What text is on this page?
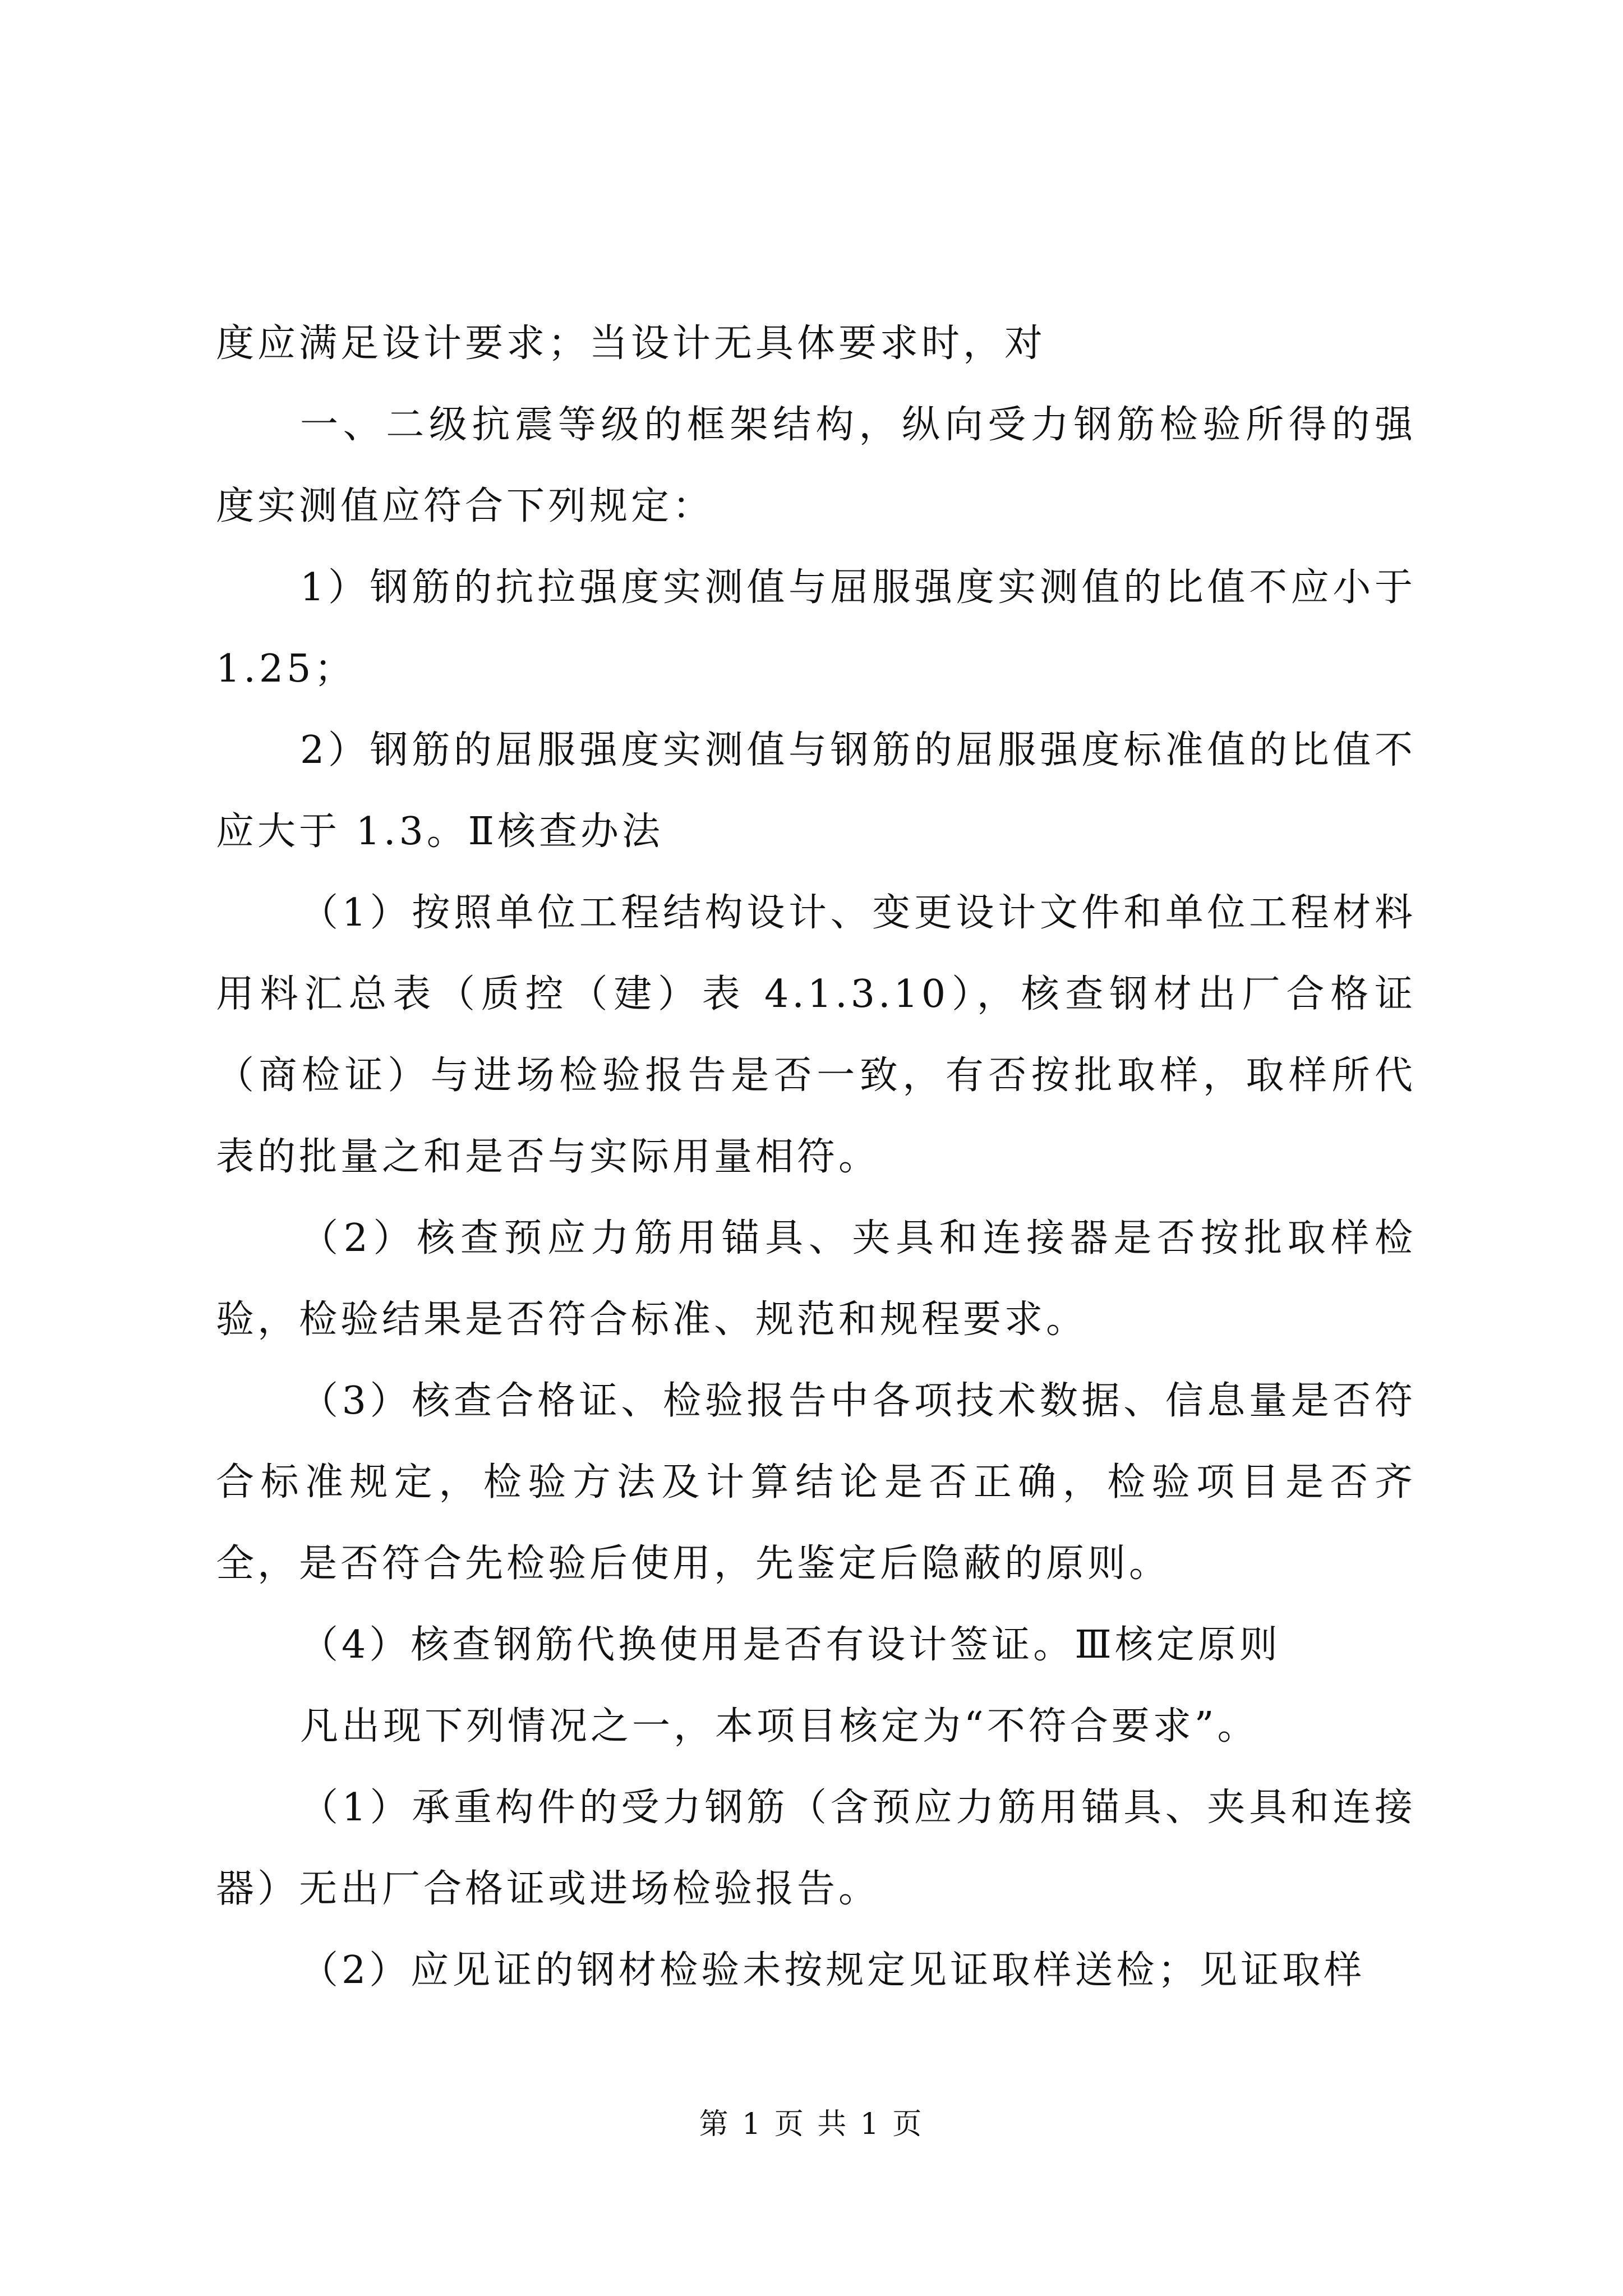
度应满足设计要求；当设计无具体要求时，对

一、二级抗震等级的框架结构，纵向受力钢筋检验所得的强度实测值应符合下列规定：

1）钢筋的抗拉强度实测值与屈服强度实测值的比值不应小于 1.25；

2）钢筋的屈服强度实测值与钢筋的屈服强度标准值的比值不应大于 1.3。Ⅱ核查办法

（1）按照单位工程结构设计、变更设计文件和单位工程材料用料汇总表（质控（建）表 4.1.3.10），核查钢材出厂合格证（商检证）与进场检验报告是否一致，有否按批取样，取样所代表的批量之和是否与实际用量相符。

（2）核查预应力筋用锚具、夹具和连接器是否按批取样检验，检验结果是否符合标准、规范和规程要求。

（3）核查合格证、检验报告中各项技术数据、信息量是否符合标准规定，检验方法及计算结论是否正确，检验项目是否齐全，是否符合先检验后使用，先鉴定后隐蔽的原则。

（4）核查钢筋代换使用是否有设计签证。Ⅲ核定原则

凡出现下列情况之一，本项目核定为“不符合要求”。

（1）承重构件的受力钢筋（含预应力筋用锚具、夹具和连接器）无出厂合格证或进场检验报告。

（2）应见证的钢材检验未按规定见证取样送检；见证取样

第 1 页 共 1 页
